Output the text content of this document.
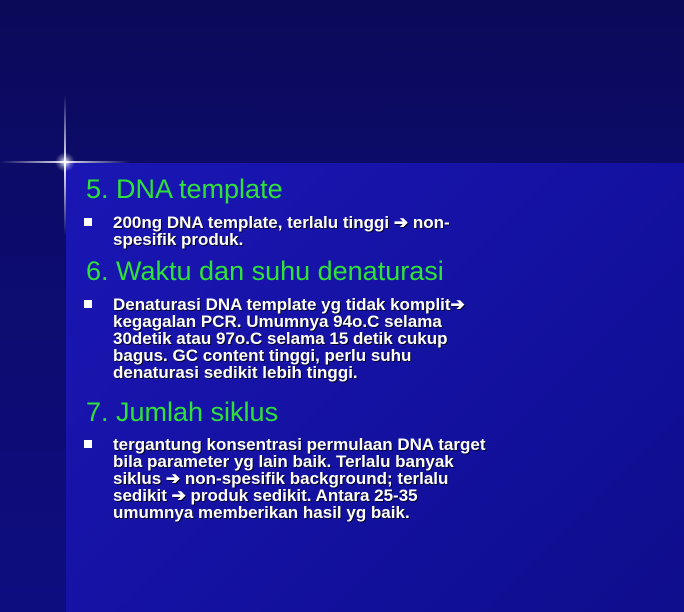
5. DNA template
200ng DNA template, terlalu tinggi ➔ non-
spesifik produk.
6. Waktu dan suhu denaturasi
Denaturasi DNA template yg tidak komplit➔
kegagalan PCR. Umumnya 94o.C selama
30detik atau 97o.C selama 15 detik cukup
bagus. GC content tinggi, perlu suhu
denaturasi sedikit lebih tinggi.
7. Jumlah siklus
tergantung konsentrasi permulaan DNA target
bila parameter yg lain baik. Terlalu banyak
siklus ➔ non-spesifik background; terlalu
sedikit ➔ produk sedikit. Antara 25-35
umumnya memberikan hasil yg baik.
